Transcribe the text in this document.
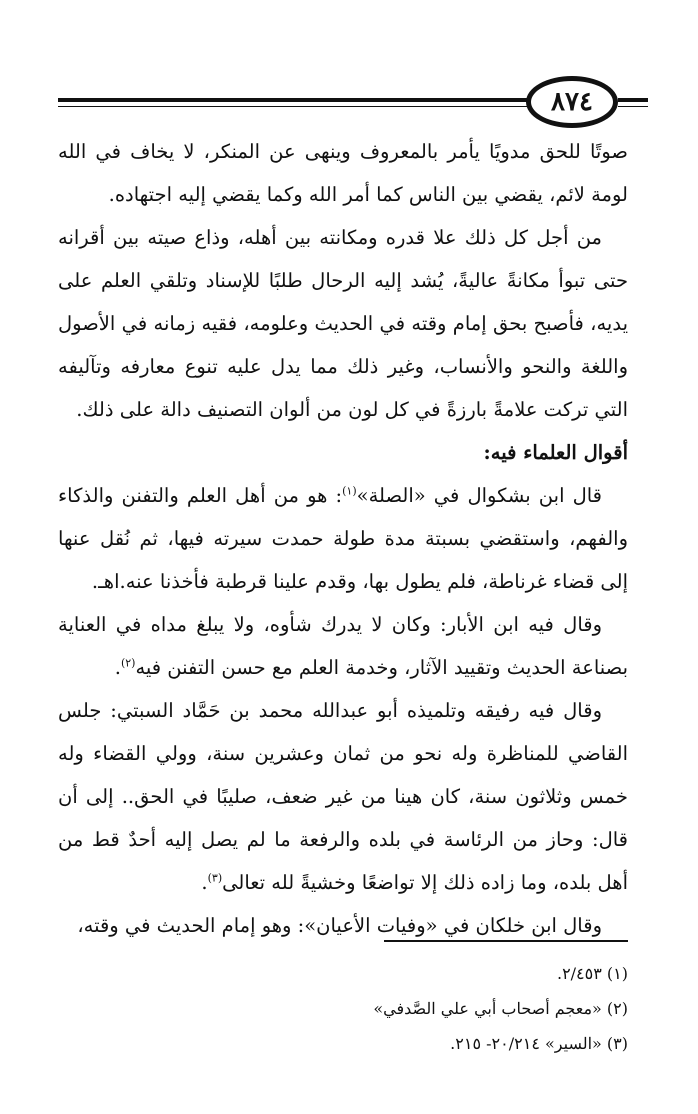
٨٧٤

صوتًا للحق مدويًا يأمر بالمعروف وينهى عن المنكر، لا يخاف في الله لومة لائم، يقضي بين الناس كما أمر الله وكما يقضي إليه اجتهاده.

من أجل كل ذلك علا قدره ومكانته بين أهله، وذاع صيته بين أقرانه حتى تبوأ مكانةً عاليةً، يُشد إليه الرحال طلبًا للإسناد وتلقي العلم على يديه، فأصبح بحق إمام وقته في الحديث وعلومه، فقيه زمانه في الأصول واللغة والنحو والأنساب، وغير ذلك مما يدل عليه تنوع معارفه وتآليفه التي تركت علامةً بارزةً في كل لون من ألوان التصنيف دالة على ذلك.

أقوال العلماء فيه:

قال ابن بشكوال في «الصلة»$^{(١)}$: هو من أهل العلم والتفنن والذكاء والفهم، واستقضي بسبتة مدة طولة حمدت سيرته فيها، ثم نُقل عنها إلى قضاء غرناطة، فلم يطول بها، وقدم علينا قرطبة فأخذنا عنه.اهـ.

وقال فيه ابن الأبار: وكان لا يدرك شأوه، ولا يبلغ مداه في العناية بصناعة الحديث وتقييد الآثار، وخدمة العلم مع حسن التفنن فيه$^{(٢)}$.

وقال فيه رفيقه وتلميذه أبو عبدالله محمد بن حَمَّاد السبتي: جلس القاضي للمناظرة وله نحو من ثمان وعشرين سنة، وولي القضاء وله خمس وثلاثون سنة، كان هينا من غير ضعف، صليبًا في الحق.. إلى أن قال: وحاز من الرئاسة في بلده والرفعة ما لم يصل إليه أحدٌ قط من أهل بلده، وما زاده ذلك إلا تواضعًا وخشيةً لله تعالى$^{(٣)}$.

وقال ابن خلكان في «وفيات الأعيان»: وهو إمام الحديث في وقته،

(١) ٢/٤٥٣.

(٢) «معجم أصحاب أبي علي الصَّدفي»

(٣) «السير» ٢٠/٢١٤- ٢١٥.
